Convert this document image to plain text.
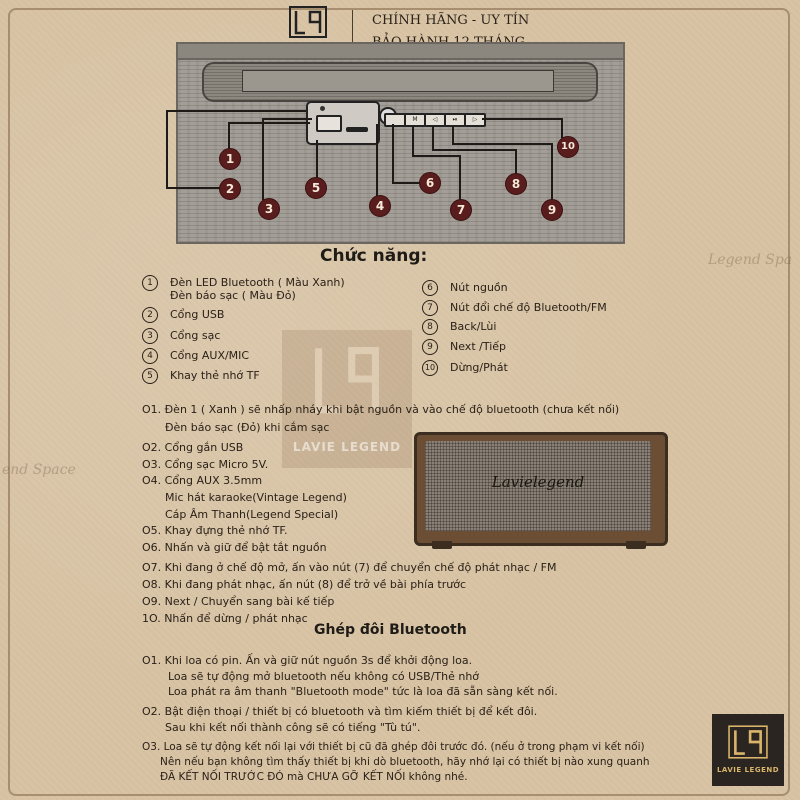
CHÍNH HÃNG - UY TÍN
M	◁	⏯	▷
1
2
3	4
5	6
7
8
9
10
LAVIE LEGEND
Legend Spa
end Space
Chức năng:
1	Đèn LED Bluetooth ( Màu Xanh)
Đèn báo sạc ( Màu Đỏ)
2	Cổng USB
3	Cổng sạc
4	Cổng AUX/MIC
5	Khay thẻ nhớ TF
6	Nút nguồn
7	Nút đổi chế độ Bluetooth/FM
8	Back/Lùi
9	Next /Tiếp
10 Dừng/Phát
O1. Đèn 1 ( Xanh ) sẽ nhấp nháy khi bật nguồn và vào chế độ bluetooth (chưa kết nối)
Đèn báo sạc (Đỏ) khi cắm sạc
O2. Cổng gắn USB
O3. Cổng sạc Micro 5V.
O4. Cổng AUX 3.5mm
Mic hát karaoke(Vintage Legend)
Cáp Âm Thanh(Legend Special)
O5. Khay đựng thẻ nhớ TF.
O6. Nhấn và giữ để bật tắt nguồn
O7. Khi đang ở chế độ mở, ấn vào nút (7) để chuyển chế độ phát nhạc / FM
O8. Khi đang phát nhạc, ấn nút (8) để trở về bài phía trước
O9. Next / Chuyển sang bài kế tiếp
1O. Nhấn để dừng / phát nhạc
Lavielegend
Ghép đôi Bluetooth
O1. Khi loa có pin. Ấn và giữ nút nguồn 3s để khởi động loa.
Loa sẽ tự động mở bluetooth nếu không có USB/Thẻ nhớ
Loa phát ra âm thanh "Bluetooth mode" tức là loa đã sẵn sàng kết nối.
O2. Bật điện thoại / thiết bị có bluetooth và tìm kiếm thiết bị để kết đôi.
Sau khi kết nối thành công sẽ có tiếng "Tù tú".
O3. Loa sẽ tự động kết nối lại với thiết bị cũ đã ghép đôi trước đó. (nếu ở trong phạm vi kết nối)
Nên nếu bạn không tìm thấy thiết bị khi dò bluetooth, hãy nhớ lại có thiết bị nào xung quanh
ĐÃ KẾT NỐI TRƯỚC ĐÓ mà CHƯA GỠ KẾT NỐI không nhé.
LAVIE LEGEND
